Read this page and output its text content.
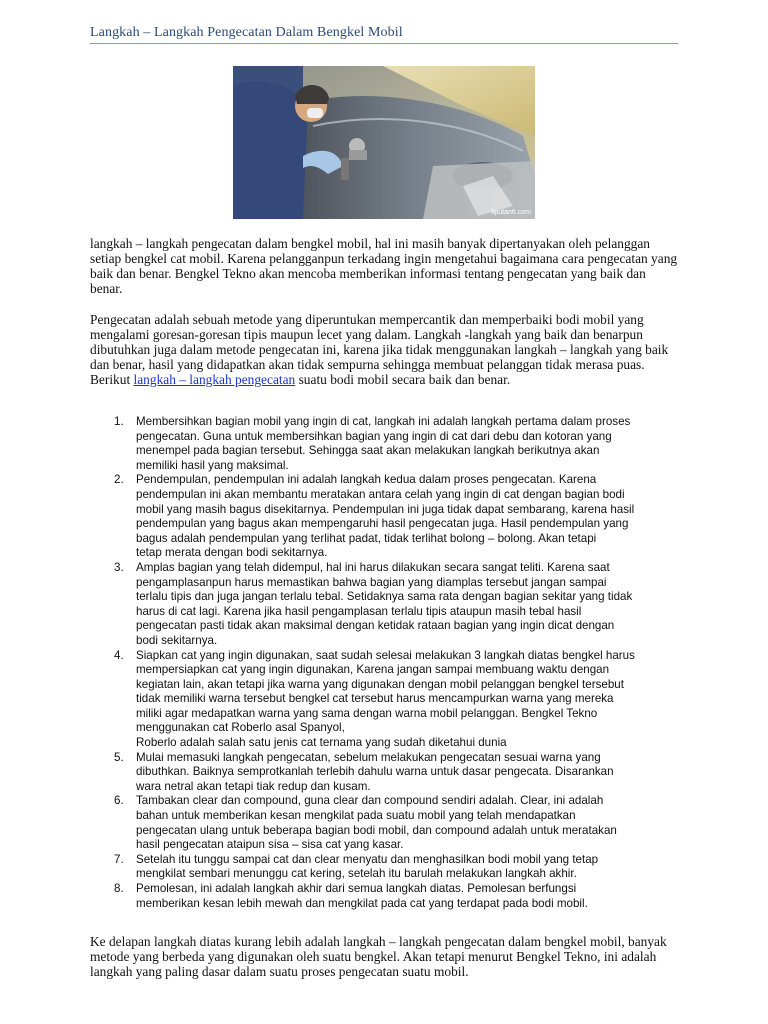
Langkah – Langkah Pengecatan Dalam Bengkel Mobil
liputan6.com

langkah – langkah pengecatan dalam bengkel mobil, hal ini masih banyak dipertanyakan oleh pelanggan setiap bengkel cat mobil. Karena pelangganpun terkadang ingin mengetahui bagaimana cara pengecatan yang baik dan benar. Bengkel Tekno akan mencoba memberikan informasi tentang pengecatan yang baik dan benar.

Pengecatan adalah sebuah metode yang diperuntukan mempercantik dan memperbaiki bodi mobil yang mengalami goresan-goresan tipis maupun lecet yang dalam. Langkah -langkah yang baik dan benarpun dibutuhkan juga dalam metode pengecatan ini, karena jika tidak menggunakan langkah – langkah yang baik dan benar, hasil yang didapatkan akan tidak sempurna sehingga membuat pelanggan tidak merasa puas. Berikut langkah – langkah pengecatan suatu bodi mobil secara baik dan benar.

1. Membersihkan bagian mobil yang ingin di cat, langkah ini adalah langkah pertama dalam proses
pengecatan. Guna untuk membersihkan bagian yang ingin di cat dari debu dan kotoran yang
menempel pada bagian tersebut. Sehingga saat akan melakukan langkah berikutnya akan
memiliki hasil yang maksimal.
2. Pendempulan, pendempulan ini adalah langkah kedua dalam proses pengecatan. Karena
pendempulan ini akan membantu meratakan antara celah yang ingin di cat dengan bagian bodi
mobil yang masih bagus disekitarnya. Pendempulan ini juga tidak dapat sembarang, karena hasil
pendempulan yang bagus akan mempengaruhi hasil pengecatan juga. Hasil pendempulan yang
bagus adalah pendempulan yang terlihat padat, tidak terlihat bolong – bolong. Akan tetapi
tetap merata dengan bodi sekitarnya.
3. Amplas bagian yang telah didempul, hal ini harus dilakukan secara sangat teliti. Karena saat
pengamplasanpun harus memastikan bahwa bagian yang diamplas tersebut jangan sampai
terlalu tipis dan juga jangan terlalu tebal. Setidaknya sama rata dengan bagian sekitar yang tidak
harus di cat lagi. Karena jika hasil pengamplasan terlalu tipis ataupun masih tebal hasil
pengecatan pasti tidak akan maksimal dengan ketidak rataan bagian yang ingin dicat dengan
bodi sekitarnya.
4. Siapkan cat yang ingin digunakan, saat sudah selesai melakukan 3 langkah diatas bengkel harus
mempersiapkan cat yang ingin digunakan, Karena jangan sampai membuang waktu dengan
kegiatan lain, akan tetapi jika warna yang digunakan dengan mobil pelanggan bengkel tersebut
tidak memiliki warna tersebut bengkel cat tersebut harus mencampurkan warna yang mereka
miliki agar medapatkan warna yang sama dengan warna mobil pelanggan. Bengkel Tekno
menggunakan cat Roberlo asal Spanyol,
Roberlo adalah salah satu jenis cat ternama yang sudah diketahui dunia
5. Mulai memasuki langkah pengecatan, sebelum melakukan pengecatan sesuai warna yang
dibuthkan. Baiknya semprotkanlah terlebih dahulu warna untuk dasar pengecata. Disarankan
wara netral akan tetapi tiak redup dan kusam.
6. Tambakan clear dan compound, guna clear dan compound sendiri adalah. Clear, ini adalah
bahan untuk memberikan kesan mengkilat pada suatu mobil yang telah mendapatkan
pengecatan ulang untuk beberapa bagian bodi mobil, dan compound adalah untuk meratakan
hasil pengecatan ataipun sisa – sisa cat yang kasar.
7. Setelah itu tunggu sampai cat dan clear menyatu dan menghasilkan bodi mobil yang tetap
mengkilat sembari menunggu cat kering, setelah itu barulah melakukan langkah akhir.
8. Pemolesan, ini adalah langkah akhir dari semua langkah diatas. Pemolesan berfungsi
memberikan kesan lebih mewah dan mengkilat pada cat yang terdapat pada bodi mobil.

Ke delapan langkah diatas kurang lebih adalah langkah – langkah pengecatan dalam bengkel mobil, banyak metode yang berbeda yang digunakan oleh suatu bengkel. Akan tetapi menurut Bengkel Tekno, ini adalah langkah yang paling dasar dalam suatu proses pengecatan suatu mobil.
